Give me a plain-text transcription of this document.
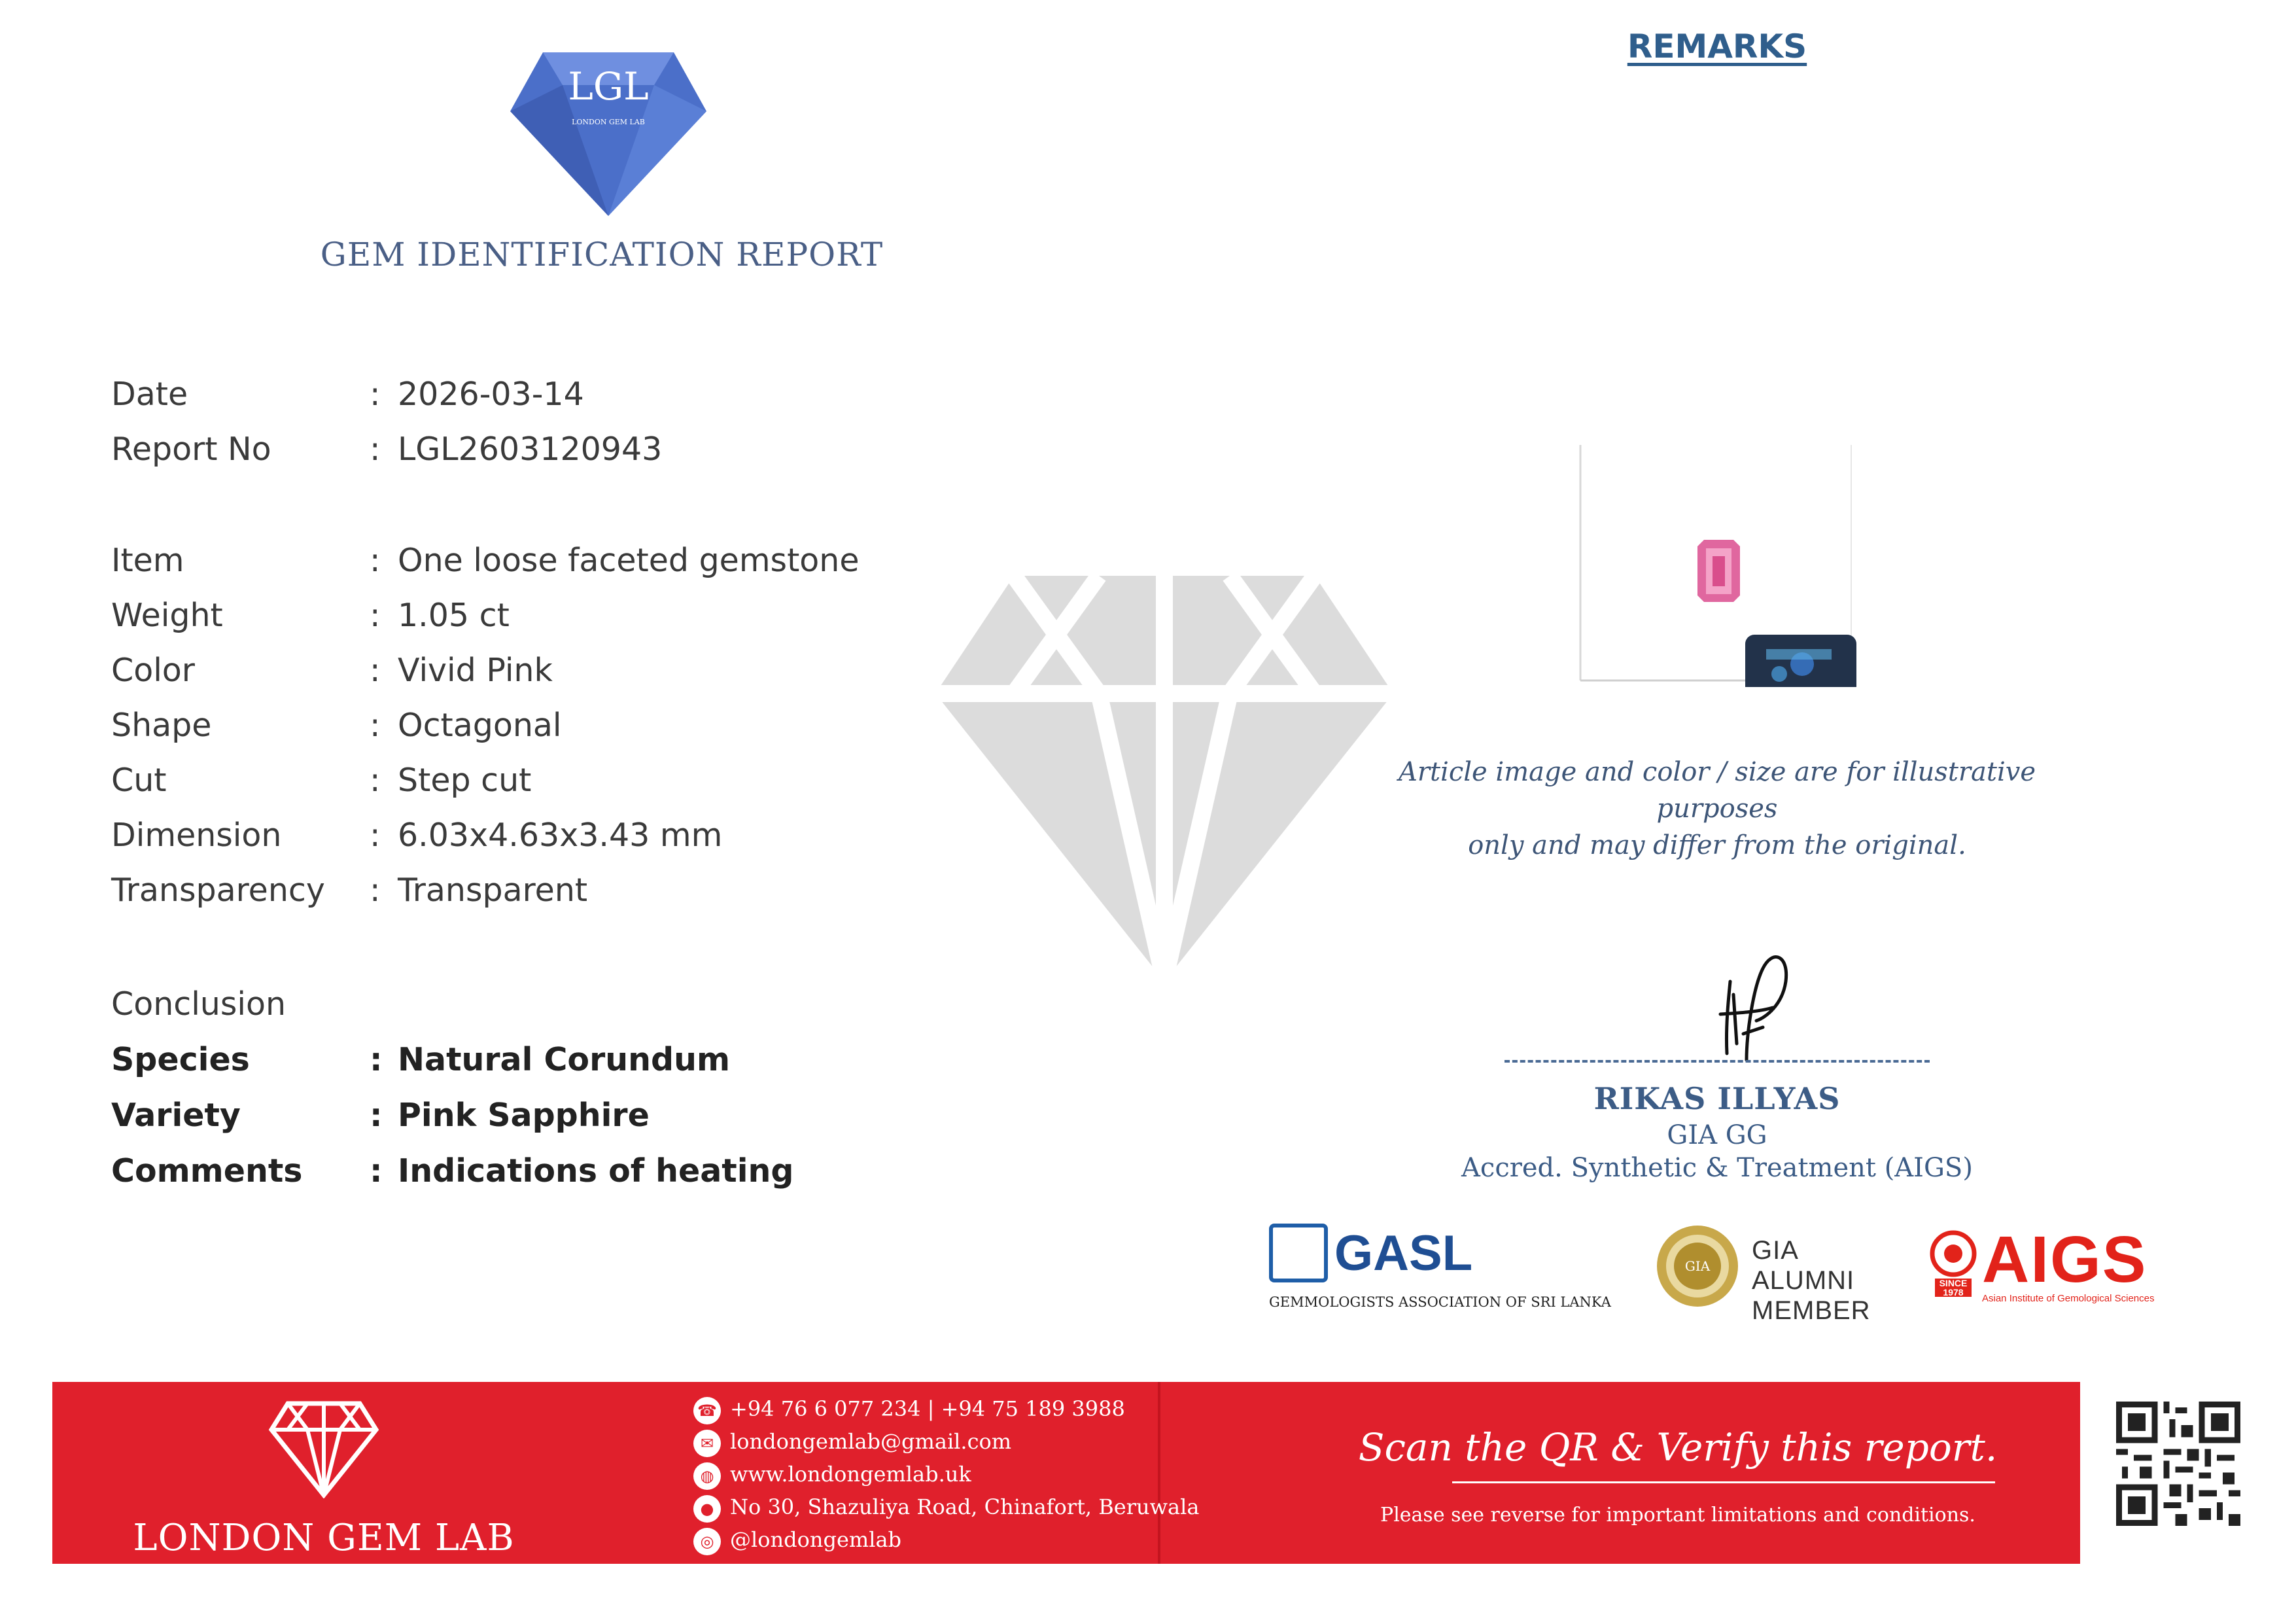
LGL
LONDON GEM LAB
GEM IDENTIFICATION REPORT
REMARKS
Date	: 2026-03-14
Report No	: LGL2603120943
Item	: One loose faceted gemstone
Weight	: 1.05 ct
Color	: Vivid Pink
Shape	: Octagonal
Cut	: Step cut
Dimension	: 6.03x4.63x3.43 mm
Transparency	: Transparent
Conclusion
Species	: Natural Corundum
Variety	: Pink Sapphire
Comments	: Indications of heating
Article image and color / size are for illustrative purposes
only and may differ from the original.
RIKAS ILLYAS
GIA GG
Accred. Synthetic & Treatment (AIGS)
GASL
GEMMOLOGISTS ASSOCIATION OF SRI LANKA
GIA
GIA ALUMNI
MEMBER
SINCE
1978 AIGS
Asian Institute of Gemological Sciences
LONDON GEM LAB
☎ +94 76 6 077 234 | +94 75 189 3988
✉ londongemlab@gmail.com
◍ www.londongemlab.uk
● No 30, Shazuliya Road, Chinafort, Beruwala
◎ @londongemlab
Scan the QR & Verify this report.
Please see reverse for important limitations and conditions.
